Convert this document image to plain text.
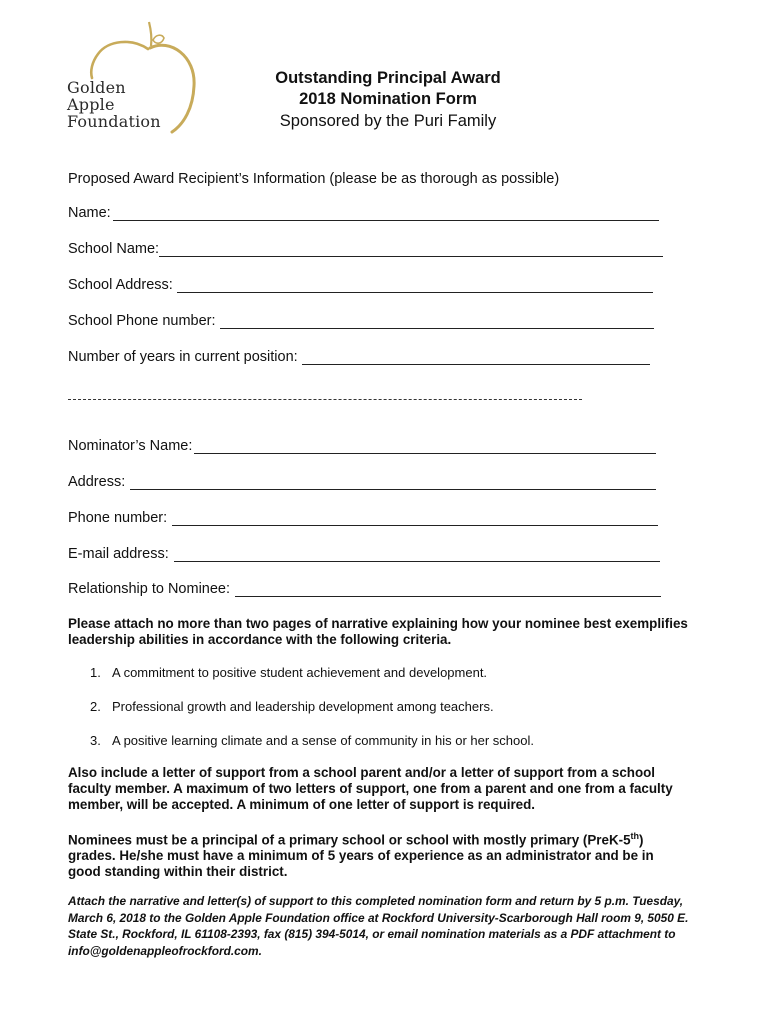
Golden
Apple
Foundation
Outstanding Principal Award
2018 Nomination Form
Sponsored by the Puri Family
Proposed Award Recipient’s Information (please be as thorough as possible)
Name:
School Name:
School Address:
School Phone number:
Number of years in current position:
Nominator’s Name:
Address:
Phone number:
E-mail address:
Relationship to Nominee:
Please attach no more than two pages of narrative explaining how your nominee best exemplifies leadership abilities in accordance with the following criteria.
1. A commitment to positive student achievement and development.
2. Professional growth and leadership development among teachers.
3. A positive learning climate and a sense of community in his or her school.
Also include a letter of support from a school parent and/or a letter of support from a school faculty member. A maximum of two letters of support, one from a parent and one from a faculty member, will be accepted. A minimum of one letter of support is required.
Nominees must be a principal of a primary school or school with mostly primary (PreK-5th) grades. He/she must have a minimum of 5 years of experience as an administrator and be in good standing within their district.
Attach the narrative and letter(s) of support to this completed nomination form and return by 5 p.m. Tuesday, March 6, 2018 to the Golden Apple Foundation office at Rockford University-Scarborough Hall room 9, 5050 E. State St., Rockford, IL 61108-2393, fax (815) 394-5014, or email nomination materials as a PDF attachment to info@goldenappleofrockford.com.
